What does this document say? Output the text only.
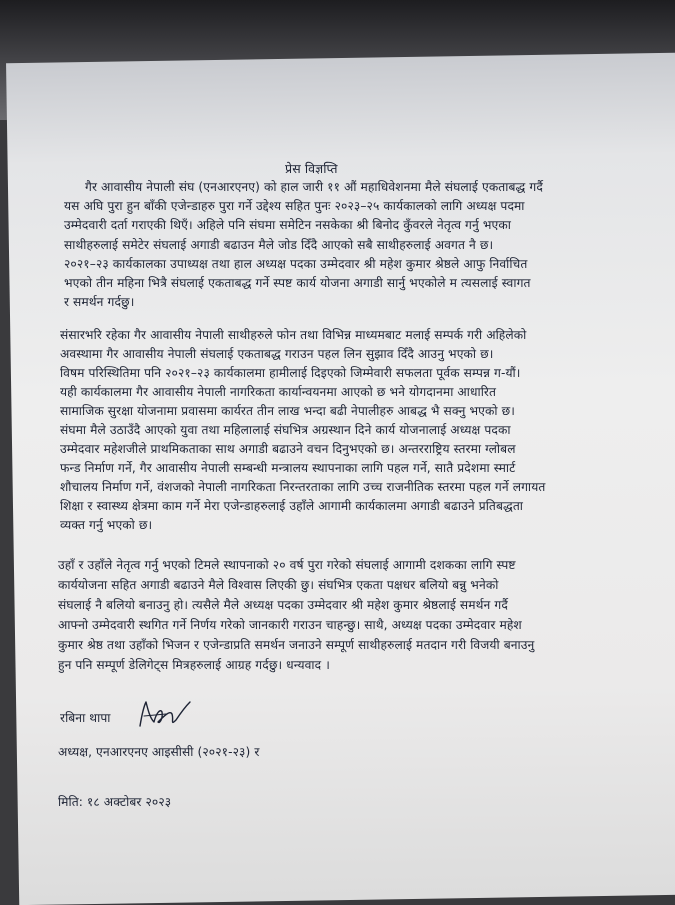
प्रेस विज्ञप्ति
गैर आवासीय नेपाली संघ (एनआरएनए) को हाल जारी ११ औं महाधिवेशनमा मैले संघलाई एकताबद्ध गर्दै
यस अघि पुरा हुन बाँकी एजेन्डाहरु पुरा गर्ने उद्देश्य सहित पुनः २०२३–२५ कार्यकालको लागि अध्यक्ष पदमा
उम्मेदवारी दर्ता गराएकी थिएँ। अहिले पनि संघमा समेटिन नसकेका श्री बिनोद कुँवरले नेतृत्व गर्नु भएका
साथीहरुलाई समेटेर संघलाई अगाडी बढाउन मैले जोड दिँदै आएको सबै साथीहरुलाई अवगत नै छ।
२०२१–२३ कार्यकालका उपाध्यक्ष तथा हाल अध्यक्ष पदका उम्मेदवार श्री महेश कुमार श्रेष्ठले आफु निर्वाचित
भएको तीन महिना भित्रै संघलाई एकताबद्ध गर्ने स्पष्ट कार्य योजना अगाडी सार्नु भएकोले म त्यसलाई स्वागत
र समर्थन गर्दछु।
संसारभरि रहेका गैर आवासीय नेपाली साथीहरुले फोन तथा विभिन्न माध्यमबाट मलाई सम्पर्क गरी अहिलेको
अवस्थामा गैर आवासीय नेपाली संघलाई एकताबद्ध गराउन पहल लिन सुझाव दिँदै आउनु भएको छ।
विषम परिस्थितिमा पनि २०२१–२३ कार्यकालमा हामीलाई दिइएको जिम्मेवारी सफलता पूर्वक सम्पन्न ग-यौं।
यही कार्यकालमा गैर आवासीय नेपाली नागरिकता कार्यान्वयनमा आएको छ भने योगदानमा आधारित
सामाजिक सुरक्षा योजनामा प्रवासमा कार्यरत तीन लाख भन्दा बढी नेपालीहरु आबद्ध भै सक्नु भएको छ।
संघमा मैले उठाउँदै आएको युवा तथा महिलालाई संघभित्र अग्रस्थान दिने कार्य योजनालाई अध्यक्ष पदका
उम्मेदवार महेशजीले प्राथमिकताका साथ अगाडी बढाउने वचन दिनुभएको छ। अन्तरराष्ट्रिय स्तरमा ग्लोबल
फन्ड निर्माण गर्ने, गैर आवासीय नेपाली सम्बन्धी मन्त्रालय स्थापनाका लागि पहल गर्ने, सातै प्रदेशमा स्मार्ट
शौचालय निर्माण गर्ने, वंशजको नेपाली नागरिकता निरन्तरताका लागि उच्च राजनीतिक स्तरमा पहल गर्ने लगायत
शिक्षा र स्वास्थ्य क्षेत्रमा काम गर्ने मेरा एजेन्डाहरुलाई उहाँले आगामी कार्यकालमा अगाडी बढाउने प्रतिबद्धता
व्यक्त गर्नु भएको छ।
उहाँ र उहाँले नेतृत्व गर्नु भएको टिमले स्थापनाको २० वर्ष पुरा गरेको संघलाई आगामी दशकका लागि स्पष्ट
कार्ययोजना सहित अगाडी बढाउने मैले विश्वास लिएकी छु। संघभित्र एकता पक्षधर बलियो बन्नु भनेको
संघलाई नै बलियो बनाउनु हो। त्यसैले मैले अध्यक्ष पदका उम्मेदवार श्री महेश कुमार श्रेष्ठलाई समर्थन गर्दै
आफ्नो उम्मेदवारी स्थगित गर्ने निर्णय गरेको जानकारी गराउन चाहन्छु। साथै, अध्यक्ष पदका उम्मेदवार महेश
कुमार श्रेष्ठ तथा उहाँको भिजन र एजेन्डाप्रति समर्थन जनाउने सम्पूर्ण साथीहरुलाई मतदान गरी विजयी बनाउनु
हुन पनि सम्पूर्ण डेलिगेट्स मित्रहरुलाई आग्रह गर्दछु। धन्यवाद ।
रबिना थापा
अध्यक्ष, एनआरएनए आइसीसी (२०२१-२३) र
मिति: १८ अक्टोबर २०२३
